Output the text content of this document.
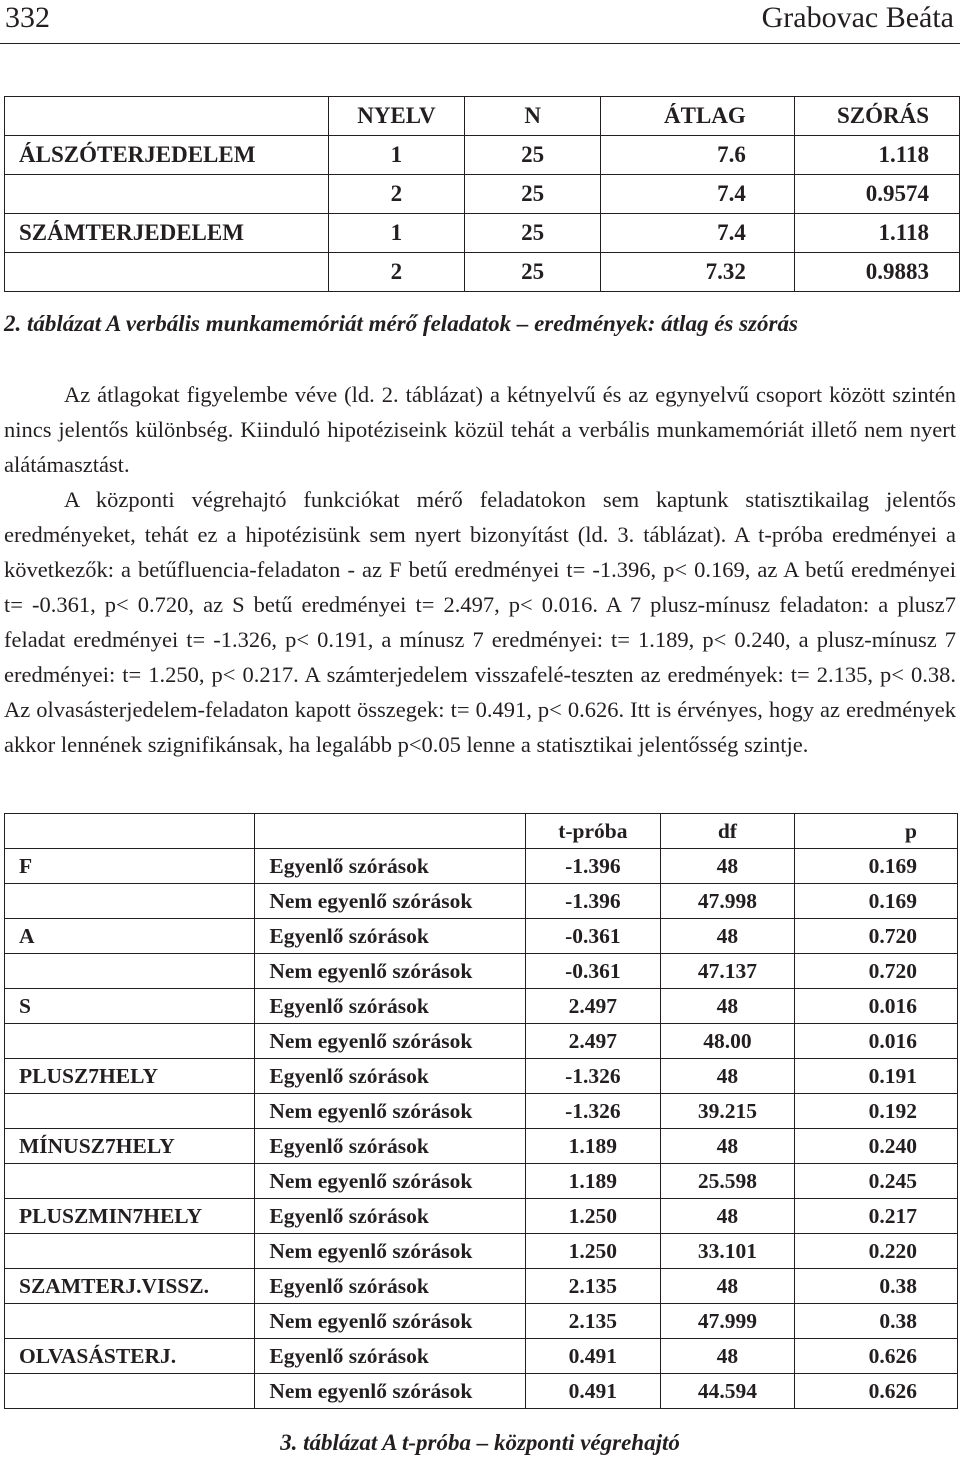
332	Grabovac Beáta
	NYELV	N	ÁTLAG	SZÓRÁS
ÁLSZÓTERJEDELEM	1	25	7.6	1.118
	2	25	7.4	0.9574
SZÁMTERJEDELEM	1	25	7.4	1.118
	2	25	7.32	0.9883
2. táblázat A verbális munkamemóriát mérő feladatok – eredmények: átlag és szórás

Az átlagokat figyelembe véve (ld. 2. táblázat) a kétnyelvű és az egynyelvű csoport között szintén nincs jelentős különbség. Kiinduló hipotéziseink közül tehát a verbális munkamemóriát illető nem nyert alátámasztást.

A központi végrehajtó funkciókat mérő feladatokon sem kaptunk statisztikailag jelentős eredményeket, tehát ez a hipotézisünk sem nyert bizonyítást (ld. 3. táblázat). A t-próba eredményei a következők: a betűfluencia-feladaton - az F betű eredményei t= -1.396, p< 0.169, az A betű eredményei t= -0.361, p< 0.720, az S betű eredményei t= 2.497, p< 0.016. A 7 plusz-mínusz feladaton: a plusz7 feladat eredményei t= -1.326, p< 0.191, a mínusz 7 eredményei: t= 1.189, p< 0.240, a plusz-mínusz 7 eredményei: t= 1.250, p< 0.217. A számterjedelem visszafelé-teszten az eredmények: t= 2.135, p< 0.38. Az olvasásterjedelem-feladaton kapott összegek: t= 0.491, p< 0.626. Itt is érvényes, hogy az eredmények akkor lennének szignifikánsak, ha legalább p<0.05 lenne a statisztikai jelentősség szintje.

		t-próba	df	p
F	Egyenlő szórások	-1.396	48	0.169
	Nem egyenlő szórások	-1.396	47.998	0.169
A	Egyenlő szórások	-0.361	48	0.720
	Nem egyenlő szórások	-0.361	47.137	0.720
S	Egyenlő szórások	2.497	48	0.016
	Nem egyenlő szórások	2.497	48.00	0.016
PLUSZ7HELY	Egyenlő szórások	-1.326	48	0.191
	Nem egyenlő szórások	-1.326	39.215	0.192
MÍNUSZ7HELY	Egyenlő szórások	1.189	48	0.240
	Nem egyenlő szórások	1.189	25.598	0.245
PLUSZMIN7HELY	Egyenlő szórások	1.250	48	0.217
	Nem egyenlő szórások	1.250	33.101	0.220
SZAMTERJ.VISSZ.	Egyenlő szórások	2.135	48	0.38
	Nem egyenlő szórások	2.135	47.999	0.38
OLVASÁSTERJ.	Egyenlő szórások	0.491	48	0.626
	Nem egyenlő szórások	0.491	44.594	0.626
3. táblázat A t-próba – központi végrehajtó
